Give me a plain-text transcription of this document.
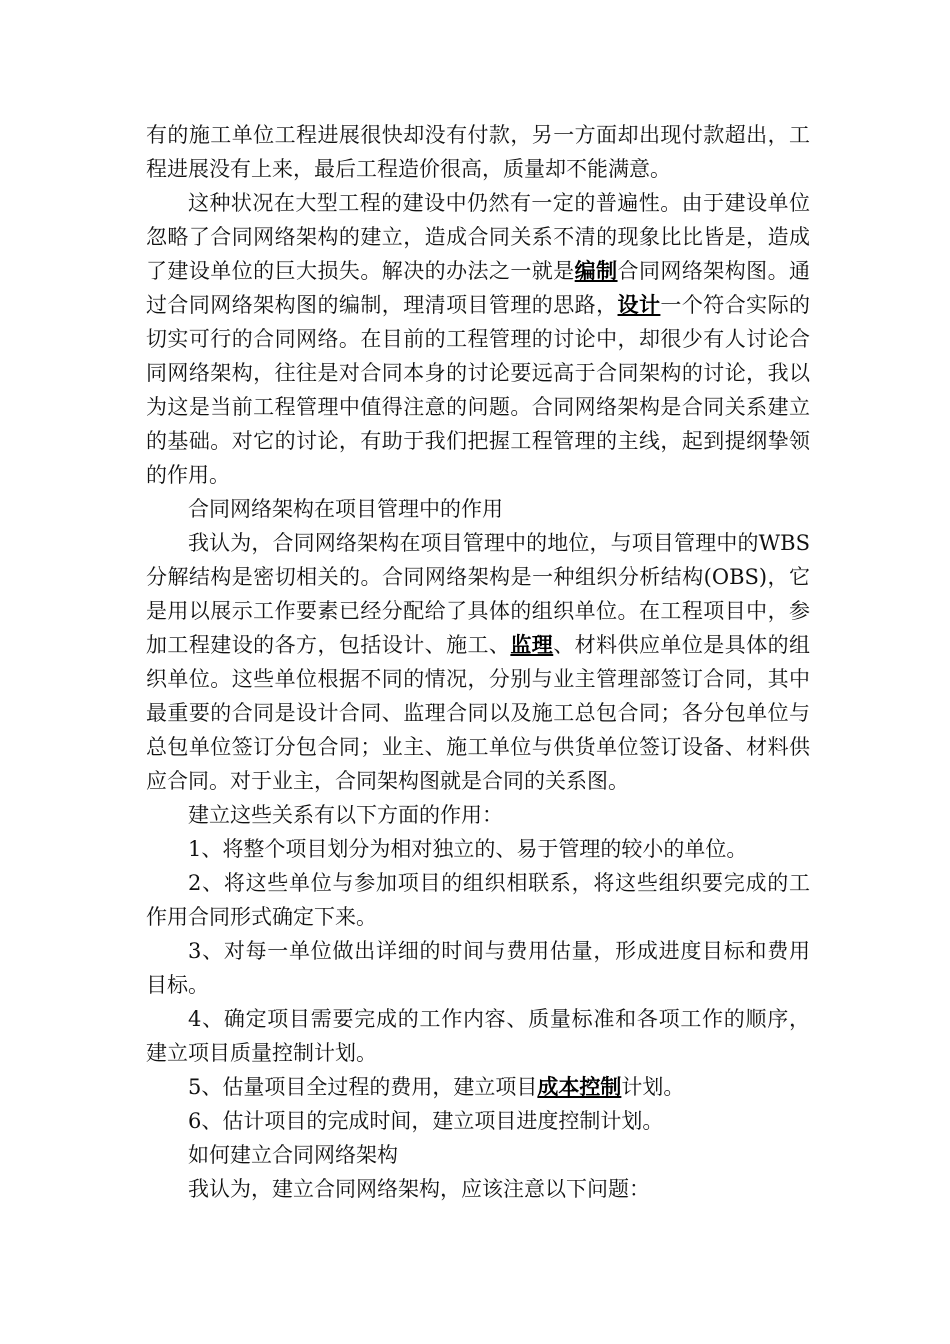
有的施工单位工程进展很快却没有付款，另一方面却出现付款超出，工程进展没有上来，最后工程造价很高，质量却不能满意。

这种状况在大型工程的建设中仍然有一定的普遍性。由于建设单位忽略了合同网络架构的建立，造成合同关系不清的现象比比皆是，造成了建设单位的巨大损失。解决的办法之一就是编制合同网络架构图。通过合同网络架构图的编制，理清项目管理的思路，设计一个符合实际的切实可行的合同网络。在目前的工程管理的讨论中，却很少有人讨论合同网络架构，往往是对合同本身的讨论要远高于合同架构的讨论，我以为这是当前工程管理中值得注意的问题。合同网络架构是合同关系建立的基础。对它的讨论，有助于我们把握工程管理的主线，起到提纲挚领的作用。

合同网络架构在项目管理中的作用

我认为，合同网络架构在项目管理中的地位，与项目管理中的WBS分解结构是密切相关的。合同网络架构是一种组织分析结构(OBS)，它是用以展示工作要素已经分配给了具体的组织单位。在工程项目中，参加工程建设的各方，包括设计、施工、监理、材料供应单位是具体的组织单位。这些单位根据不同的情况，分别与业主管理部签订合同，其中最重要的合同是设计合同、监理合同以及施工总包合同；各分包单位与总包单位签订分包合同；业主、施工单位与供货单位签订设备、材料供应合同。对于业主，合同架构图就是合同的关系图。

建立这些关系有以下方面的作用：

1、将整个项目划分为相对独立的、易于管理的较小的单位。

2、将这些单位与参加项目的组织相联系，将这些组织要完成的工作用合同形式确定下来。

3、对每一单位做出详细的时间与费用估量，形成进度目标和费用目标。

4、确定项目需要完成的工作内容、质量标准和各项工作的顺序，建立项目质量控制计划。

5、估量项目全过程的费用，建立项目成本控制计划。

6、估计项目的完成时间，建立项目进度控制计划。

如何建立合同网络架构

我认为，建立合同网络架构，应该注意以下问题：
